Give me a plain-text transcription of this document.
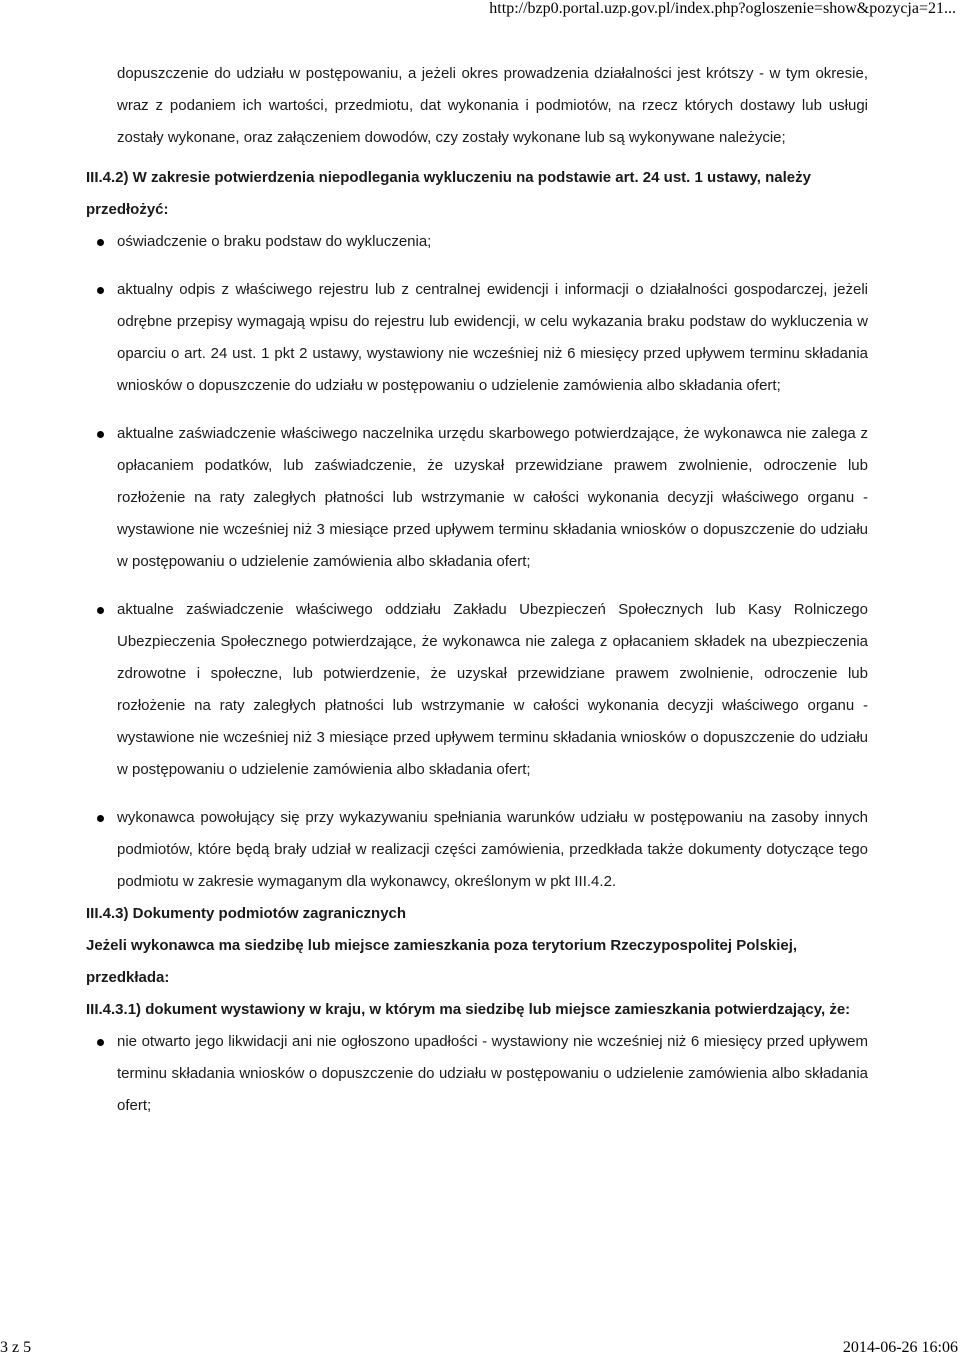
http://bzp0.portal.uzp.gov.pl/index.php?ogloszenie=show&pozycja=21...

dopuszczenie do udziału w postępowaniu, a jeżeli okres prowadzenia działalności jest krótszy - w tym okresie, wraz z podaniem ich wartości, przedmiotu, dat wykonania i podmiotów, na rzecz których dostawy lub usługi zostały wykonane, oraz załączeniem dowodów, czy zostały wykonane lub są wykonywane należycie;

III.4.2) W zakresie potwierdzenia niepodlegania wykluczeniu na podstawie art. 24 ust. 1 ustawy, należy przedłożyć:

oświadczenie o braku podstaw do wykluczenia;
aktualny odpis z właściwego rejestru lub z centralnej ewidencji i informacji o działalności gospodarczej, jeżeli odrębne przepisy wymagają wpisu do rejestru lub ewidencji, w celu wykazania braku podstaw do wykluczenia w oparciu o art. 24 ust. 1 pkt 2 ustawy, wystawiony nie wcześniej niż 6 miesięcy przed upływem terminu składania wniosków o dopuszczenie do udziału w postępowaniu o udzielenie zamówienia albo składania ofert;
aktualne zaświadczenie właściwego naczelnika urzędu skarbowego potwierdzające, że wykonawca nie zalega z opłacaniem podatków, lub zaświadczenie, że uzyskał przewidziane prawem zwolnienie, odroczenie lub rozłożenie na raty zaległych płatności lub wstrzymanie w całości wykonania decyzji właściwego organu - wystawione nie wcześniej niż 3 miesiące przed upływem terminu składania wniosków o dopuszczenie do udziału w postępowaniu o udzielenie zamówienia albo składania ofert;
aktualne zaświadczenie właściwego oddziału Zakładu Ubezpieczeń Społecznych lub Kasy Rolniczego Ubezpieczenia Społecznego potwierdzające, że wykonawca nie zalega z opłacaniem składek na ubezpieczenia zdrowotne i społeczne, lub potwierdzenie, że uzyskał przewidziane prawem zwolnienie, odroczenie lub rozłożenie na raty zaległych płatności lub wstrzymanie w całości wykonania decyzji właściwego organu - wystawione nie wcześniej niż 3 miesiące przed upływem terminu składania wniosków o dopuszczenie do udziału w postępowaniu o udzielenie zamówienia albo składania ofert;
wykonawca powołujący się przy wykazywaniu spełniania warunków udziału w postępowaniu na zasoby innych podmiotów, które będą brały udział w realizacji części zamówienia, przedkłada także dokumenty dotyczące tego podmiotu w zakresie wymaganym dla wykonawcy, określonym w pkt III.4.2.

III.4.3) Dokumenty podmiotów zagranicznych

Jeżeli wykonawca ma siedzibę lub miejsce zamieszkania poza terytorium Rzeczypospolitej Polskiej, przedkłada:

III.4.3.1) dokument wystawiony w kraju, w którym ma siedzibę lub miejsce zamieszkania potwierdzający, że:

nie otwarto jego likwidacji ani nie ogłoszono upadłości - wystawiony nie wcześniej niż 6 miesięcy przed upływem terminu składania wniosków o dopuszczenie do udziału w postępowaniu o udzielenie zamówienia albo składania ofert;
3 z 5	2014-06-26 16:06
